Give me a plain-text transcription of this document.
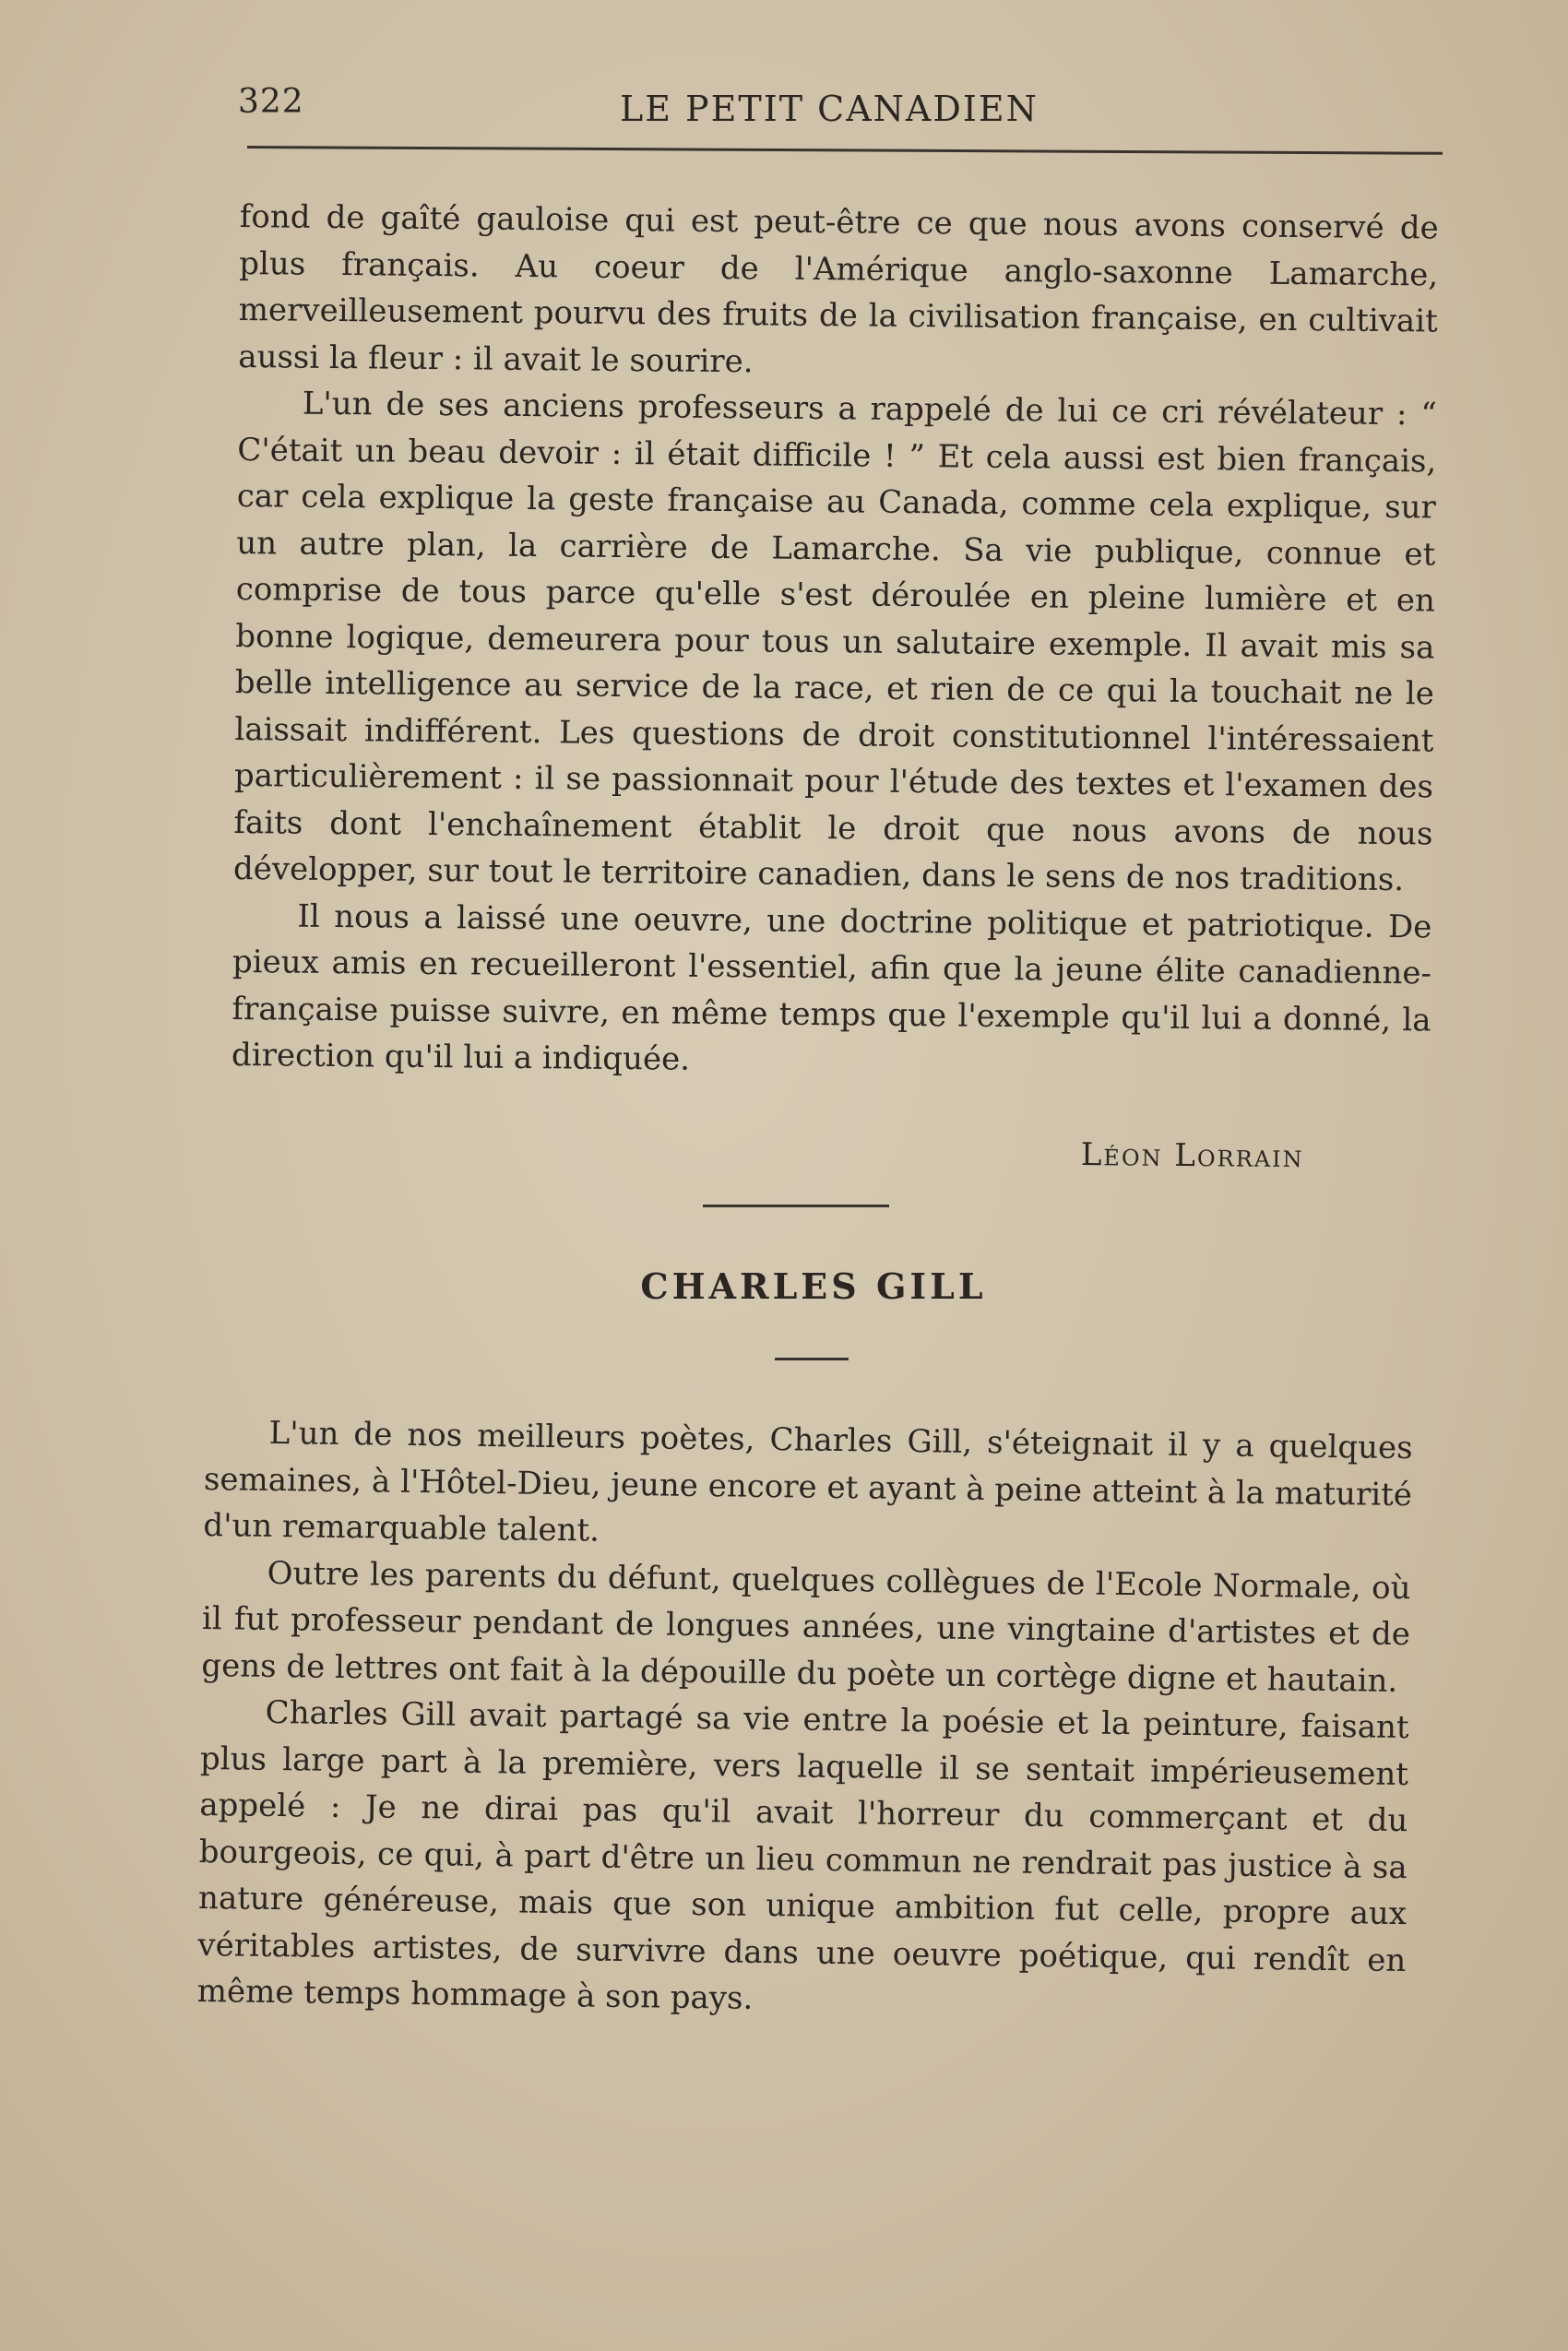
322	LE PETIT CANADIEN

fond de gaîté gauloise qui est peut-être ce que nous avons conservé de plus français. Au coeur de l'Amérique anglo-saxonne Lamarche, merveilleusement pourvu des fruits de la civilisation française, en cultivait aussi la fleur : il avait le sourire.

L'un de ses anciens professeurs a rappelé de lui ce cri révélateur : “ C'était un beau devoir : il était difficile ! ” Et cela aussi est bien français, car cela explique la geste française au Canada, comme cela explique, sur un autre plan, la carrière de Lamarche. Sa vie publique, connue et comprise de tous parce qu'elle s'est déroulée en pleine lumière et en bonne logique, demeurera pour tous un salutaire exemple. Il avait mis sa belle intelligence au service de la race, et rien de ce qui la touchait ne le laissait indifférent. Les questions de droit constitutionnel l'intéressaient particulièrement : il se passionnait pour l'étude des textes et l'examen des faits dont l'enchaînement établit le droit que nous avons de nous développer, sur tout le territoire canadien, dans le sens de nos traditions.

Il nous a laissé une oeuvre, une doctrine politique et patriotique. De pieux amis en recueilleront l'essentiel, afin que la jeune élite canadienne-française puisse suivre, en même temps que l'exemple qu'il lui a donné, la direction qu'il lui a indiquée.

Léon Lorrain
CHARLES GILL

L'un de nos meilleurs poètes, Charles Gill, s'éteignait il y a quelques semaines, à l'Hôtel-Dieu, jeune encore et ayant à peine atteint à la maturité d'un remarquable talent.

Outre les parents du défunt, quelques collègues de l'Ecole Normale, où il fut professeur pendant de longues années, une vingtaine d'artistes et de gens de lettres ont fait à la dépouille du poète un cortège digne et hautain.

Charles Gill avait partagé sa vie entre la poésie et la peinture, faisant plus large part à la première, vers laquelle il se sentait impérieusement appelé : Je ne dirai pas qu'il avait l'horreur du commerçant et du bourgeois, ce qui, à part d'être un lieu commun ne rendrait pas justice à sa nature généreuse, mais que son unique ambition fut celle, propre aux véritables artistes, de survivre dans une oeuvre poétique, qui rendît en même temps hommage à son pays.
